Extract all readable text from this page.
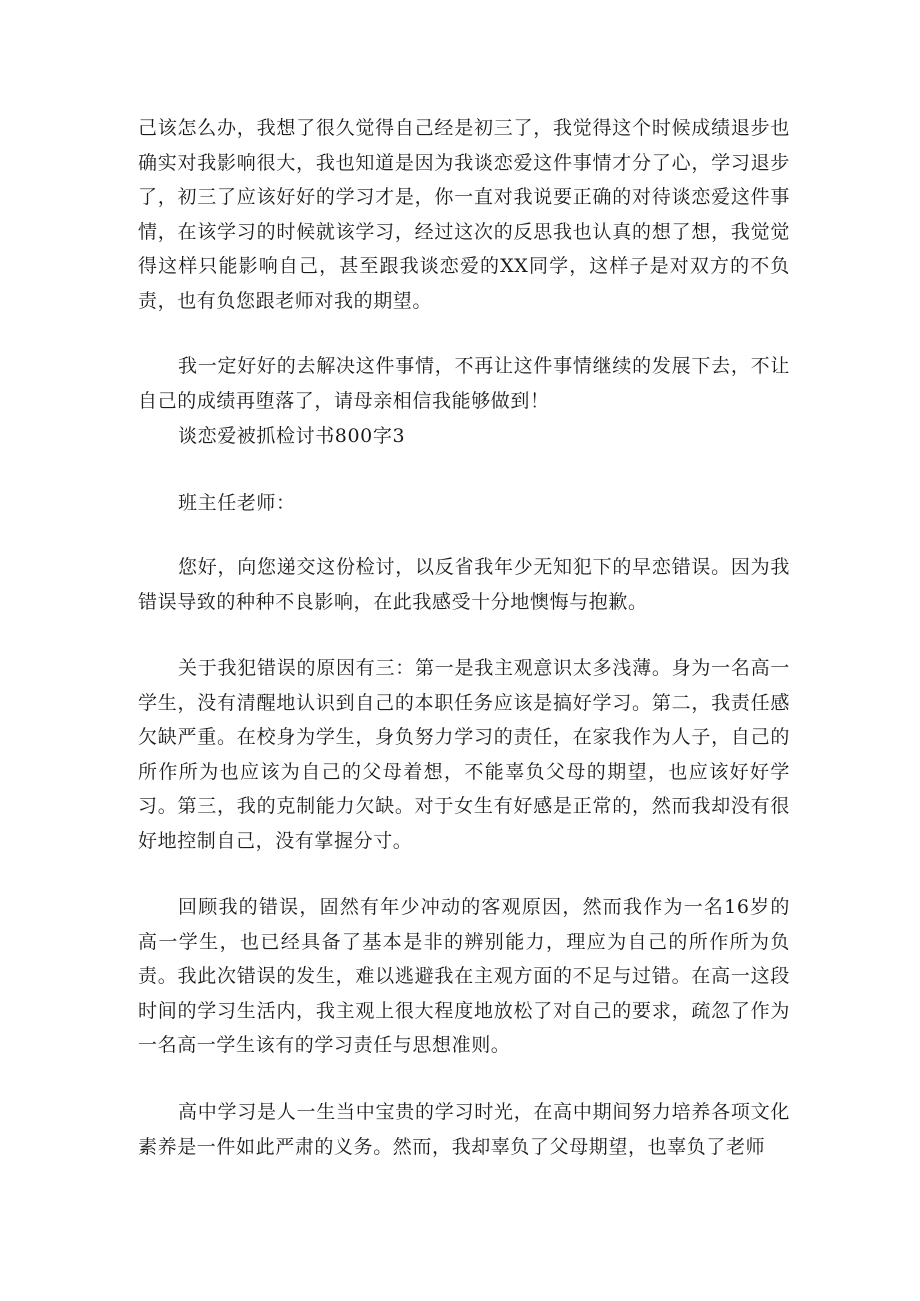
己该怎么办，我想了很久觉得自己经是初三了，我觉得这个时候成绩退步也确实对我影响很大，我也知道是因为我谈恋爱这件事情才分了心，学习退步了，初三了应该好好的学习才是，你一直对我说要正确的对待谈恋爱这件事情，在该学习的时候就该学习，经过这次的反思我也认真的想了想，我觉觉得这样只能影响自己，甚至跟我谈恋爱的XX同学，这样子是对双方的不负责，也有负您跟老师对我的期望。

我一定好好的去解决这件事情，不再让这件事情继续的发展下去，不让自己的成绩再堕落了，请母亲相信我能够做到！

谈恋爱被抓检讨书800字3

班主任老师：

您好，向您递交这份检讨，以反省我年少无知犯下的早恋错误。因为我错误导致的种种不良影响，在此我感受十分地懊悔与抱歉。

关于我犯错误的原因有三：第一是我主观意识太多浅薄。身为一名高一学生，没有清醒地认识到自己的本职任务应该是搞好学习。第二，我责任感欠缺严重。在校身为学生，身负努力学习的责任，在家我作为人子，自己的所作所为也应该为自己的父母着想，不能辜负父母的期望，也应该好好学习。第三，我的克制能力欠缺。对于女生有好感是正常的，然而我却没有很好地控制自己，没有掌握分寸。

回顾我的错误，固然有年少冲动的客观原因，然而我作为一名16岁的高一学生，也已经具备了基本是非的辨别能力，理应为自己的所作所为负责。我此次错误的发生，难以逃避我在主观方面的不足与过错。在高一这段时间的学习生活内，我主观上很大程度地放松了对自己的要求，疏忽了作为一名高一学生该有的学习责任与思想准则。

高中学习是人一生当中宝贵的学习时光，在高中期间努力培养各项文化素养是一件如此严肃的义务。然而，我却辜负了父母期望，也辜负了老师
